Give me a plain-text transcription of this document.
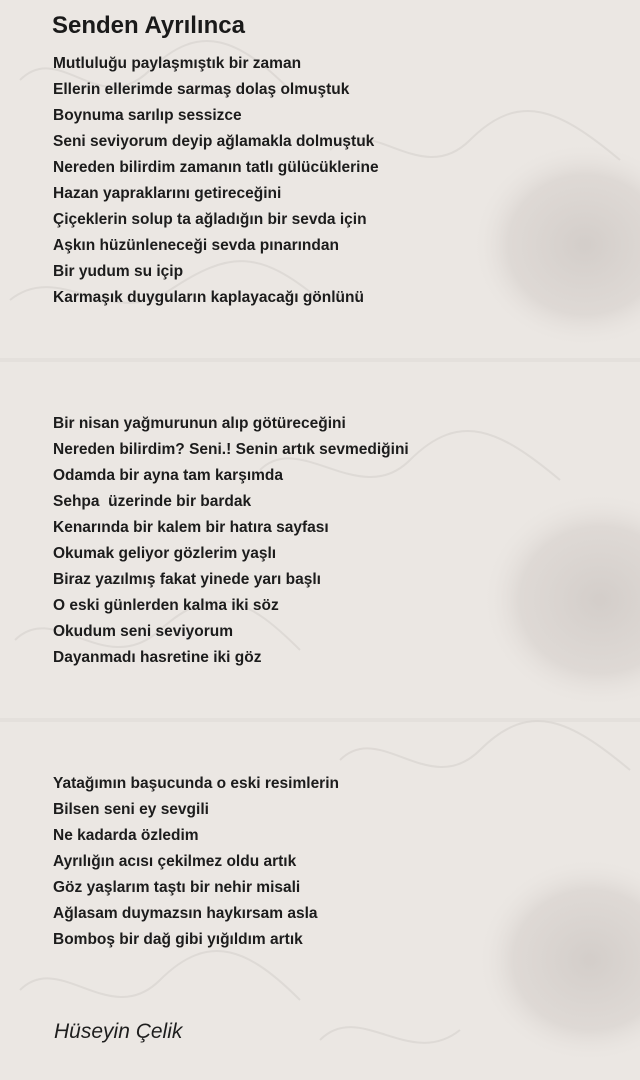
Senden Ayrılınca
Mutluluğu paylaşmıştık bir zaman
Ellerin ellerimde sarmaş dolaş olmuştuk
Boynuma sarılıp sessizce
Seni seviyorum deyip ağlamakla dolmuştuk
Nereden bilirdim zamanın tatlı gülücüklerine
Hazan yapraklarını getireceğini
Çiçeklerin solup ta ağladığın bir sevda için
Aşkın hüzünleneceği sevda pınarından
Bir yudum su içip
Karmaşık duyguların kaplayacağı gönlünü
Bir nisan yağmurunun alıp götüreceğini
Nereden bilirdim? Seni.! Senin artık sevmediğini
Odamda bir ayna tam karşımda
Sehpa  üzerinde bir bardak
Kenarında bir kalem bir hatıra sayfası
Okumak geliyor gözlerim yaşlı
Biraz yazılmış fakat yinede yarı başlı
O eski günlerden kalma iki söz
Okudum seni seviyorum
Dayanmadı hasretine iki göz
Yatağımın başucunda o eski resimlerin
Bilsen seni ey sevgili
Ne kadarda özledim
Ayrılığın acısı çekilmez oldu artık
Göz yaşlarım taştı bir nehir misali
Ağlasam duymazsın haykırsam asla
Bomboş bir dağ gibi yığıldım artık

Hüseyin Çelik
